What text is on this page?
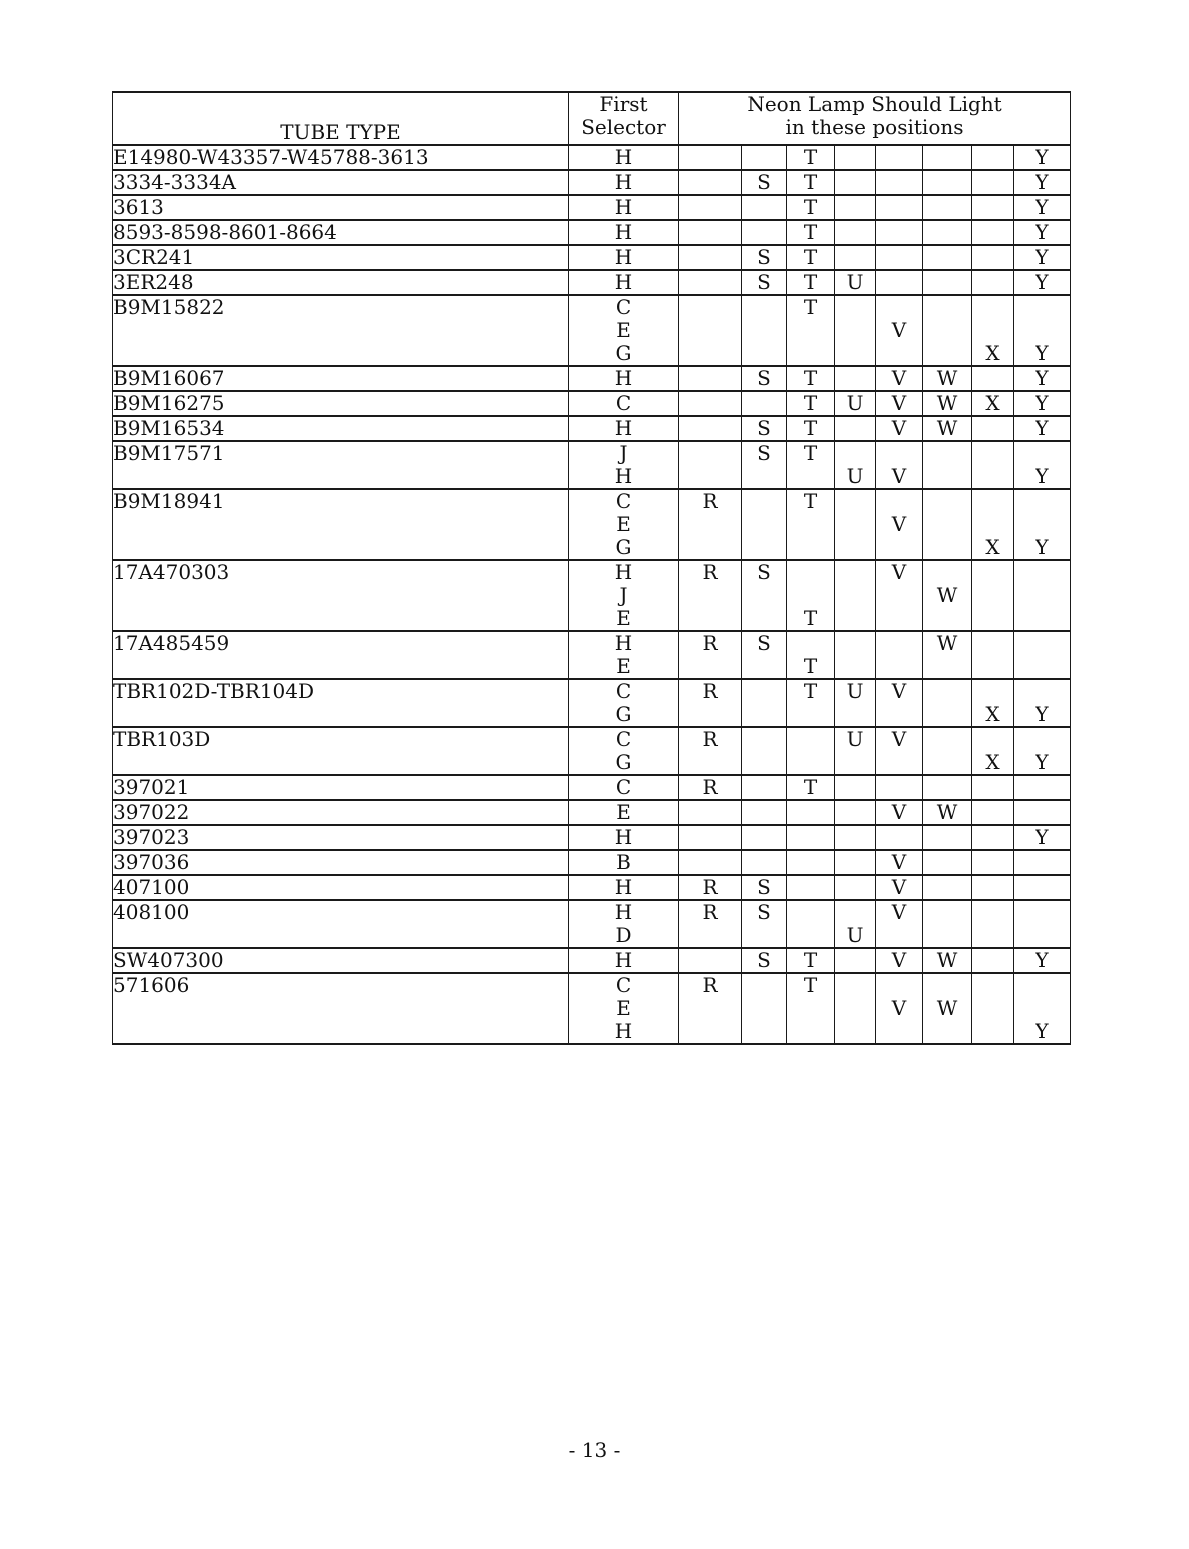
TUBE TYPE	First
Selector	Neon Lamp Should Light
in these positions							

E14980-W43357-W45788-3613	H			T					Y

3334-3334A	H		S	T					Y

3613	H			T					Y

8593-8598-8601-8664	H			T					Y

3CR241	H		S	T					Y

3ER248	H		S	T	U				Y

B9M15822	C
E
G			T		V		X	Y

B9M16067	H		S	T		V	W		Y

B9M16275	C			T	U	V	W	X	Y

B9M16534	H		S	T		V	W		Y

B9M17571	J
H		S	T	U	V			Y

B9M18941	C
E
G	R		T		V		X	Y

17A470303	H
J
E	R	S	T		V	W		

17A485459	H
E	R	S	T			W		

TBR102D-TBR104D	C
G	R		T	U	V		X	Y

TBR103D	C
G	R			U	V		X	Y

397021	C	R		T					

397022	E					V	W		

397023	H								Y

397036	B					V			

407100	H	R	S			V			

408100	H
D	R	S		U	V			

SW407300	H		S	T		V	W		Y

571606	C
E
H	R		T		V	W		Y
- 13 -
